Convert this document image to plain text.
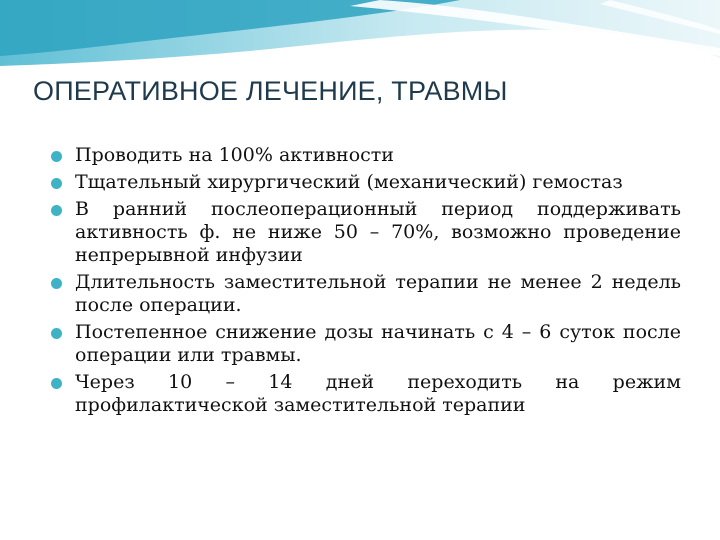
ОПЕРАТИВНОЕ ЛЕЧЕНИЕ, ТРАВМЫ
Проводить на 100% активности
Тщательный хирургический (механический) гемостаз
В ранний послеоперационный период поддерживать активность ф. не ниже 50 – 70%, возможно проведение непрерывной инфузии
Длительность заместительной терапии не менее 2 недель после операции.
Постепенное снижение дозы начинать с 4 – 6 суток после операции или травмы.
Через 10 – 14 дней переходить на режим профилактической заместительной терапии
